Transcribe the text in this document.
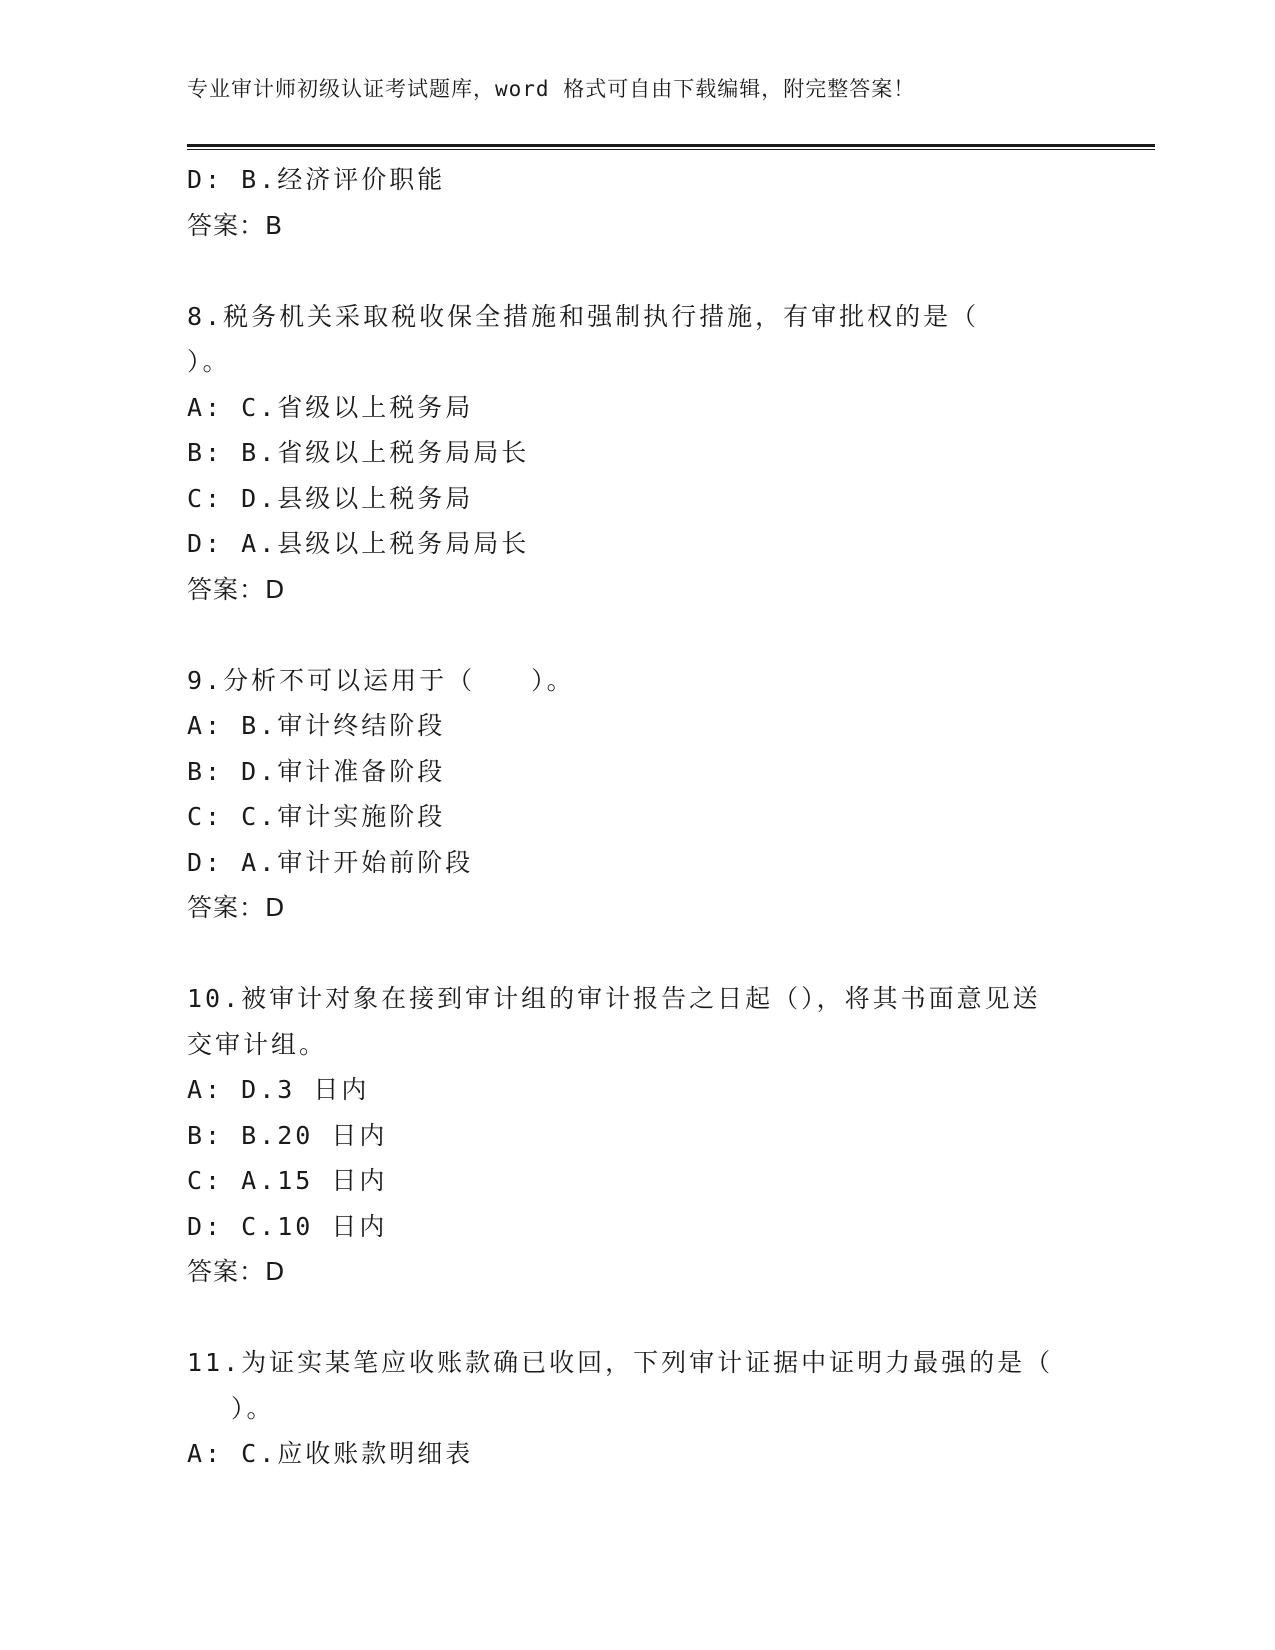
专业审计师初级认证考试题库，word 格式可自由下载编辑，附完整答案！
D: B.经济评价职能
答案：B
8.税务机关采取税收保全措施和强制执行措施，有审批权的是（
）。
A: C.省级以上税务局
B: B.省级以上税务局局长
C: D.县级以上税务局
D: A.县级以上税务局局长
答案：D
9.分析不可以运用于（　　）。
A: B.审计终结阶段
B: D.审计准备阶段
C: C.审计实施阶段
D: A.审计开始前阶段
答案：D
10.被审计对象在接到审计组的审计报告之日起（），将其书面意见送
交审计组。
A: D.3 日内
B: B.20 日内
C: A.15 日内
D: C.10 日内
答案：D
11.为证实某笔应收账款确已收回，下列审计证据中证明力最强的是（
）。
A: C.应收账款明细表
